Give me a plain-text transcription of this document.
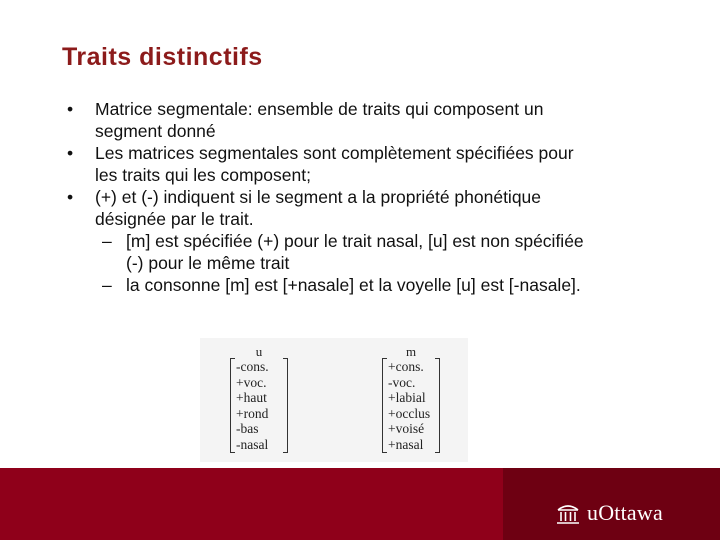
Traits distinctifs

• Matrice segmentale: ensemble de traits qui composent un
segment donné

• Les matrices segmentales sont complètement spécifiées pour
les traits qui les composent;

• (+) et (-) indiquent si le segment a la propriété phonétique
désignée par le trait.

– [m] est spécifiée (+) pour le trait nasal, [u] est non spécifiée
(-) pour le même trait

– la consonne [m] est [+nasale] et la voyelle [u] est [-nasale].

u
-cons.
+voc.
+haut
+rond
-bas
-nasal
m
+cons.
-voc.
+labial
+occlus
+voisé
+nasal
uOttawa
